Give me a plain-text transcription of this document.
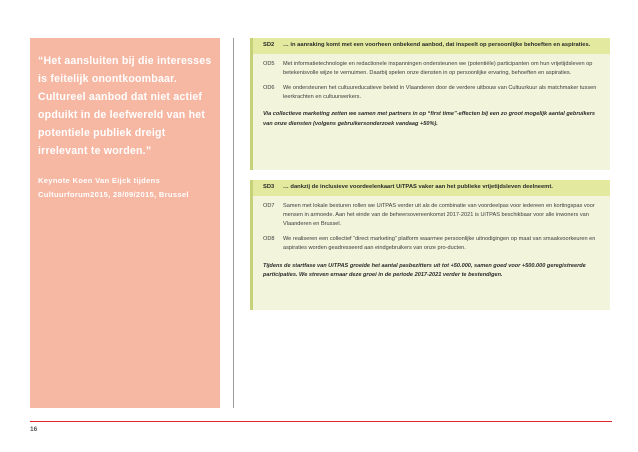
“Het aansluiten bij die interesses is feitelijk onontkoombaar. Cultureel aanbod dat niet actief opduikt in de leefwereld van het potentiele publiek dreigt irrelevant te worden.”

Keynote Koen Van Eijck tijdens Cultuurforum2015, 28/09/2015, Brussel
SD2	… in aanraking komt met een voorheen onbekend aanbod, dat inspeelt op persoonlijke behoeften en aspiraties.
OD5	Met informatietechnologie en redactionele inspanningen ondersteunen we (potentiële) participanten om hun vrijetijdsleven op betekenisvolle wijze te vernuimen. Daarbij spelen onze diensten in op persoonlijke ervaring, behoeften en aspiraties.
OD6	We ondersteunen het cultuureducatieve beleid in Vlaanderen door de verdere uitbouw van Cultuurkuur als matchmaker tussen leerkrachten en cultuurwerkers.
Via collectieve marketing zetten we samen met partners in op “first time”-effecten bij een zo groot mogelijk aantal gebruikers van onze diensten (volgens gebruikersonderzoek vandaag +50%).
SD3	… dankzij de inclusieve voordeelenkaart UiTPAS vaker aan het publieke vrijetijdsleven deelneemt.
OD7	Samen met lokale besturen rollen we UiTPAS verder uit als de combinatie van voordeelpas voor iedereen en kortingspas voor mensen in armoede. Aan het einde van de beheersovereenkomst 2017-2021 is UiTPAS beschikbaar voor alle inwoners van Vlaanderen en Brussel.
OD8	We realiseren een collectief “direct marketing” platform waarmee persoonlijke uitnodigingen op maat van smaakvoorkeuren en aspiraties worden geadresseerd aan eindgebruikers van onze pro-ducten.
Tijdens de startfase van UiTPAS groeide het aantal pasbezitters uit tot +50.000, samen goed voor +500.000 geregistreerde participaties. We streven ernaar deze groei in de periode 2017-2021 verder te bestendigen.
16
